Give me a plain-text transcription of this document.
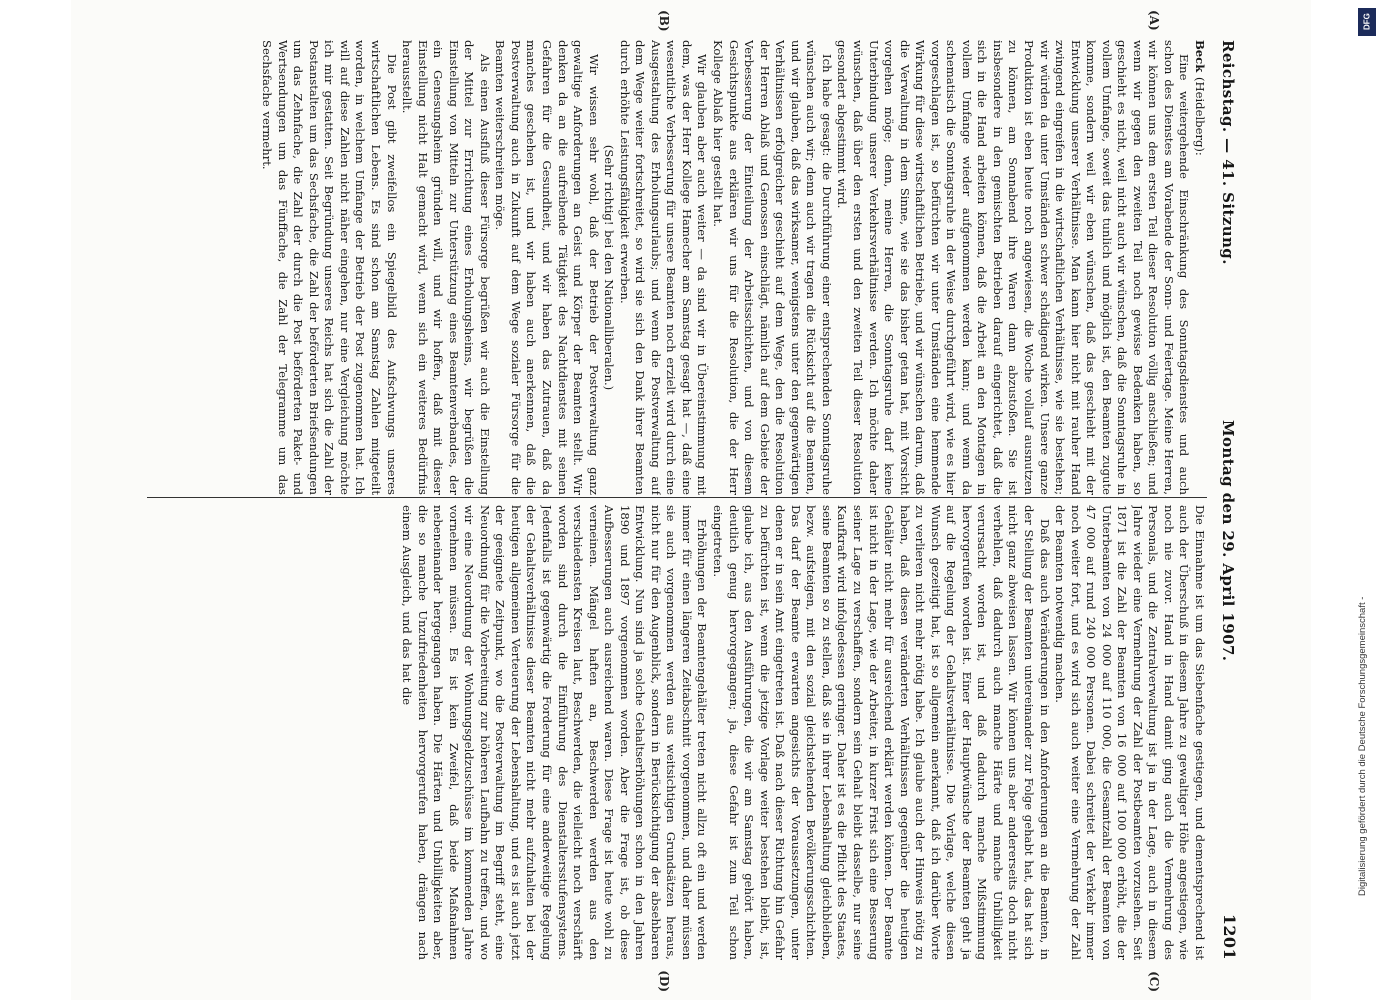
Reichstag. — 41. Sitzung.
Montag den 29. April 1907.
1201
(A)
(B)
(C)
(D)

Beck (Heidelberg):

Eine weitergehende Einschränkung des Sonntagsdienstes und auch schon des Dienstes am Vorabende der Sonn- und Feiertage. Meine Herren, wir können uns dem ersten Teil dieser Resolution völlig anschließen; und wenn wir gegen den zweiten Teil noch gewisse Bedenken haben, so geschieht es nicht, weil nicht auch wir wünschen, daß die Sonntagsruhe in vollem Umfange, soweit das tunlich und möglich ist, den Beamten zugute komme, sondern weil wir eben wünschen, daß das geschieht mit der Entwicklung unserer Verhältnisse. Man kann hier nicht mit rauher Hand zwingend eingreifen in die wirtschaftlichen Verhältnisse, wie sie bestehen; wir würden da unter Umständen schwer schädigend wirken. Unsere ganze Produktion ist eben heute noch angewiesen, die Woche vollauf ausnutzen zu können, am Sonnabend ihre Waren dann abzustoßen. Sie ist insbesondere in den gemischten Betrieben darauf eingerichtet, daß die sich in die Hand arbeiten können, daß die Arbeit an den Montagen in vollem Umfange wieder aufgenommen werden kann; und wenn da schematisch die Sonntagsruhe in der Weise durchgeführt wird, wie es hier vorgeschlagen ist, so befürchten wir unter Umständen eine hemmende Wirkung für diese wirtschaftlichen Betriebe, und wir wünschen darum, daß die Verwaltung in dem Sinne, wie sie das bisher getan hat, mit Vorsicht vorgehen möge; denn, meine Herren, die Sonntagsruhe darf keine Unterbindung unserer Verkehrsverhältnisse werden. Ich möchte daher wünschen, daß über den ersten und den zweiten Teil dieser Resolution gesondert abgestimmt wird.

Ich habe gesagt: die Durchführung einer entsprechenden Sonntagsruhe wünschen auch wir; denn auch wir tragen die Rücksicht auf die Beamten, und wir glauben, daß das wirksamer, wenigstens unter den gegenwärtigen Verhältnissen erfolgreicher geschieht auf dem Wege, den die Resolution der Herren Ablaß und Genossen einschlägt, nämlich auf dem Gebiete der Verbesserung der Einteilung der Arbeitsschichten, und von diesem Gesichtspunkte aus erklären wir uns für die Resolution, die der Herr Kollege Ablaß hier gestellt hat.

Wir glauben aber auch weiter — da sind wir in Übereinstimmung mit dem, was der Herr Kollege Hamecher am Samstag gesagt hat —, daß eine wesentliche Verbesserung für unsere Beamten noch erzielt wird durch eine Ausgestaltung des Erholungsurlaubs; und wenn die Postverwaltung auf dem Wege weiter fortschreitet, so wird sie sich den Dank ihrer Beamten durch erhöhte Leistungsfähigkeit erwerben.

(Sehr richtig! bei den Nationalliberalen.)

Wir wissen sehr wohl, daß der Betrieb der Postverwaltung ganz gewaltige Anforderungen an Geist und Körper der Beamten stellt. Wir denken da an die aufreibende Tätigkeit des Nachtdienstes mit seinen Gefahren für die Gesundheit, und wir haben das Zutrauen, daß da manches geschehen ist, und wir haben auch anerkennen, daß die Postverwaltung auch in Zukunft auf dem Wege sozialer Fürsorge für die Beamten weiterschreiten möge.

Als einen Ausfluß dieser Fürsorge begrüßen wir auch die Einstellung der Mittel zur Errichtung eines Erholungsheims, wir begrüßen die Einstellung von Mitteln zur Unterstützung eines Beamtenverbandes, der ein Genesungsheim gründen will, und wir hoffen, daß mit dieser Einstellung nicht Halt gemacht wird, wenn sich ein weiteres Bedürfnis herausstellt.

Die Post gibt zweifellos ein Spiegelbild des Aufschwungs unseres wirtschaftlichen Lebens. Es sind schon am Samstag Zahlen mitgeteilt worden, in welchem Umfange der Betrieb der Post zugenommen hat. Ich will auf diese Zahlen nicht näher eingehen, nur eine Vergleichung möchte ich mir gestatten. Seit Begründung unseres Reichs hat sich die Zahl der Postanstalten um das Sechsfache, die Zahl der beförderten Briefsendungen um das Zehnfache, die Zahl der durch die Post beförderten Paket- und Wertsendungen um das Fünffache, die Zahl der Telegramme um das Sechsfache vermehrt.

Die Einnahme ist um das Siebenfache gestiegen, und dementsprechend ist auch der Überschuß in diesem Jahre zu gewaltiger Höhe angestiegen, wie noch nie zuvor. Hand in Hand damit ging auch die Vermehrung des Personals, und die Zentralverwaltung ist ja in der Lage, auch in diesem Jahre wieder eine Vermehrung der Zahl der Postbeamten vorzusehen. Seit 1871 ist die Zahl der Beamten von 16 000 auf 100 000 erhöht, die der Unterbeamten von 24 000 auf 110 000, die Gesamtzahl der Beamten von 47 000 auf rund 240 000 Personen. Dabei schreitet der Verkehr immer noch weiter fort, und es wird sich auch weiter eine Vermehrung der Zahl der Beamten notwendig machen.

Daß das auch Veränderungen in den Anforderungen an die Beamten, in der Stellung der Beamten untereinander zur Folge gehabt hat, das hat sich nicht ganz abweisen lassen. Wir können uns aber andererseits doch nicht verhehlen, daß dadurch auch manche Härte und manche Unbilligkeit verursacht worden ist, und daß dadurch manche Mißstimmung hervorgerufen worden ist. Einer der Hauptwünsche der Beamten geht ja auf die Regelung der Gehaltsverhältnisse. Die Vorlage, welche diesen Wunsch gezeitigt hat, ist so allgemein anerkannt, daß ich darüber Worte zu verlieren nicht mehr nötig habe. Ich glaube auch der Hinweis nötig zu haben, daß diesen veränderten Verhältnissen gegenüber die heutigen Gehälter nicht mehr für ausreichend erklärt werden können. Der Beamte ist nicht in der Lage, wie der Arbeiter, in kurzer Frist sich eine Besserung seiner Lage zu verschaffen, sondern sein Gehalt bleibt dasselbe, nur seine Kaufkraft wird infolgedessen geringer. Daher ist es die Pflicht des Staates, seine Beamten so zu stellen, daß sie in ihrer Lebenshaltung gleichbleiben, bezw. aufsteigen, mit den sozial gleichstehenden Bevölkerungsschichten. Das darf der Beamte erwarten angesichts der Voraussetzungen, unter denen er in sein Amt eingetreten ist. Daß nach dieser Richtung hin Gefahr zu befürchten ist, wenn die jetzige Vorlage weiter bestehen bleibt, ist, glaube ich, aus den Ausführungen, die wir am Samstag gehört haben, deutlich genug hervorgegangen; ja, diese Gefahr ist zum Teil schon eingetreten.

Erhöhungen der Beamtengehälter treten nicht allzu oft ein und werden immer für einen längeren Zeitabschnitt vorgenommen, und daher müssen sie auch vorgenommen werden aus weitsichtigen Grundsätzen heraus, nicht nur für den Augenblick, sondern in Berücksichtigung der absehbaren Entwicklung. Nun sind ja solche Gehaltserhöhungen schon in den Jahren 1890 und 1897 vorgenommen worden. Aber die Frage ist, ob diese Aufbesserungen auch ausreichend waren. Diese Frage ist heute wohl zu verneinen. Mängel haften an, Beschwerden werden aus den verschiedensten Kreisen laut, Beschwerden, die vielleicht noch verschärft worden sind durch die Einführung des Dienstaltersstufensystems. Jedenfalls ist gegenwärtig die Forderung für eine anderweitige Regelung der Gehaltsverhältnisse dieser Beamten nicht mehr aufzuhalten bei der heutigen allgemeinen Verteuerung der Lebenshaltung, und es ist auch jetzt der geeignete Zeitpunkt, wo die Postverwaltung im Begriff steht, eine Neuordnung für die Vorbereitung zur höheren Laufbahn zu treffen, und wo wir eine Neuordnung der Wohnungsgeldzuschüsse im kommenden Jahre vornehmen müssen. Es ist kein Zweifel, daß beide Maßnahmen nebeneinander hergegangen haben. Die Härten und Unbilligkeiten aber, die so manche Unzufriedenheiten hervorgerufen haben, drängen nach einem Ausgleich, und das hat die	Digitalisierung gefördert durch die Deutsche Forschungsgemeinschaft -
DFG
